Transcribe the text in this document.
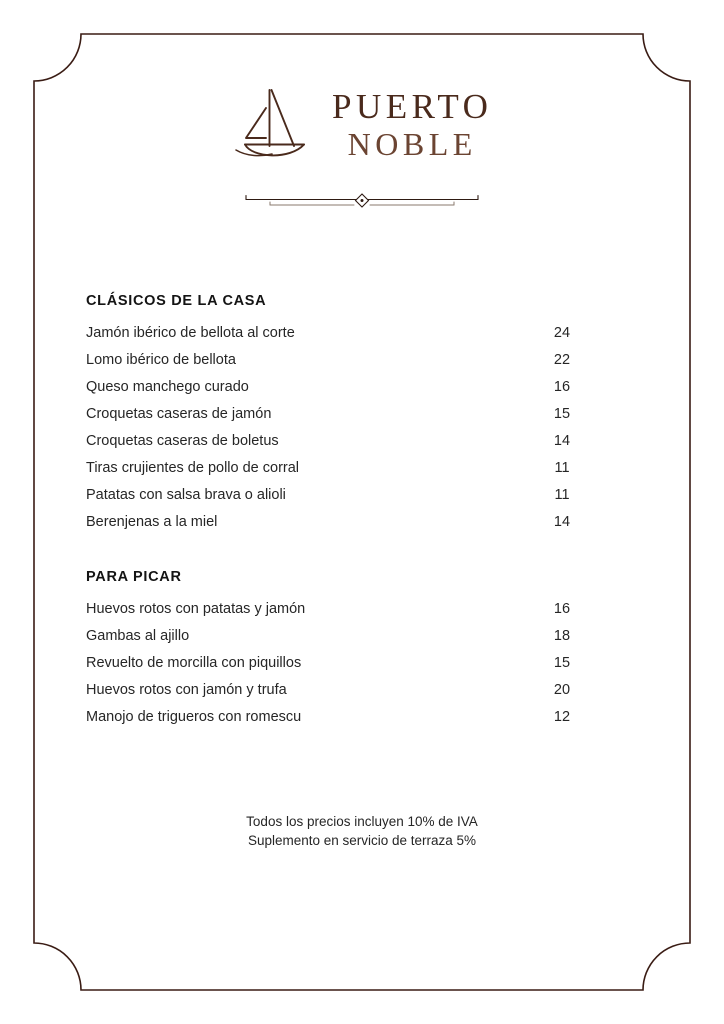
PUERTO
NOBLE
CLÁSICOS DE LA CASA
Jamón ibérico de bellota al corte	24
Lomo ibérico de bellota	22
Queso manchego curado	16
Croquetas caseras de jamón	15
Croquetas caseras de boletus	14
Tiras crujientes de pollo de corral	11
Patatas con salsa brava o alioli	11
Berenjenas a la miel	14
PARA PICAR
Huevos rotos con patatas y jamón	16
Gambas al ajillo	18
Revuelto de morcilla con piquillos	15
Huevos rotos con jamón y trufa	20
Manojo de trigueros con romescu	12
Todos los precios incluyen 10% de IVA
Suplemento en servicio de terraza 5%
